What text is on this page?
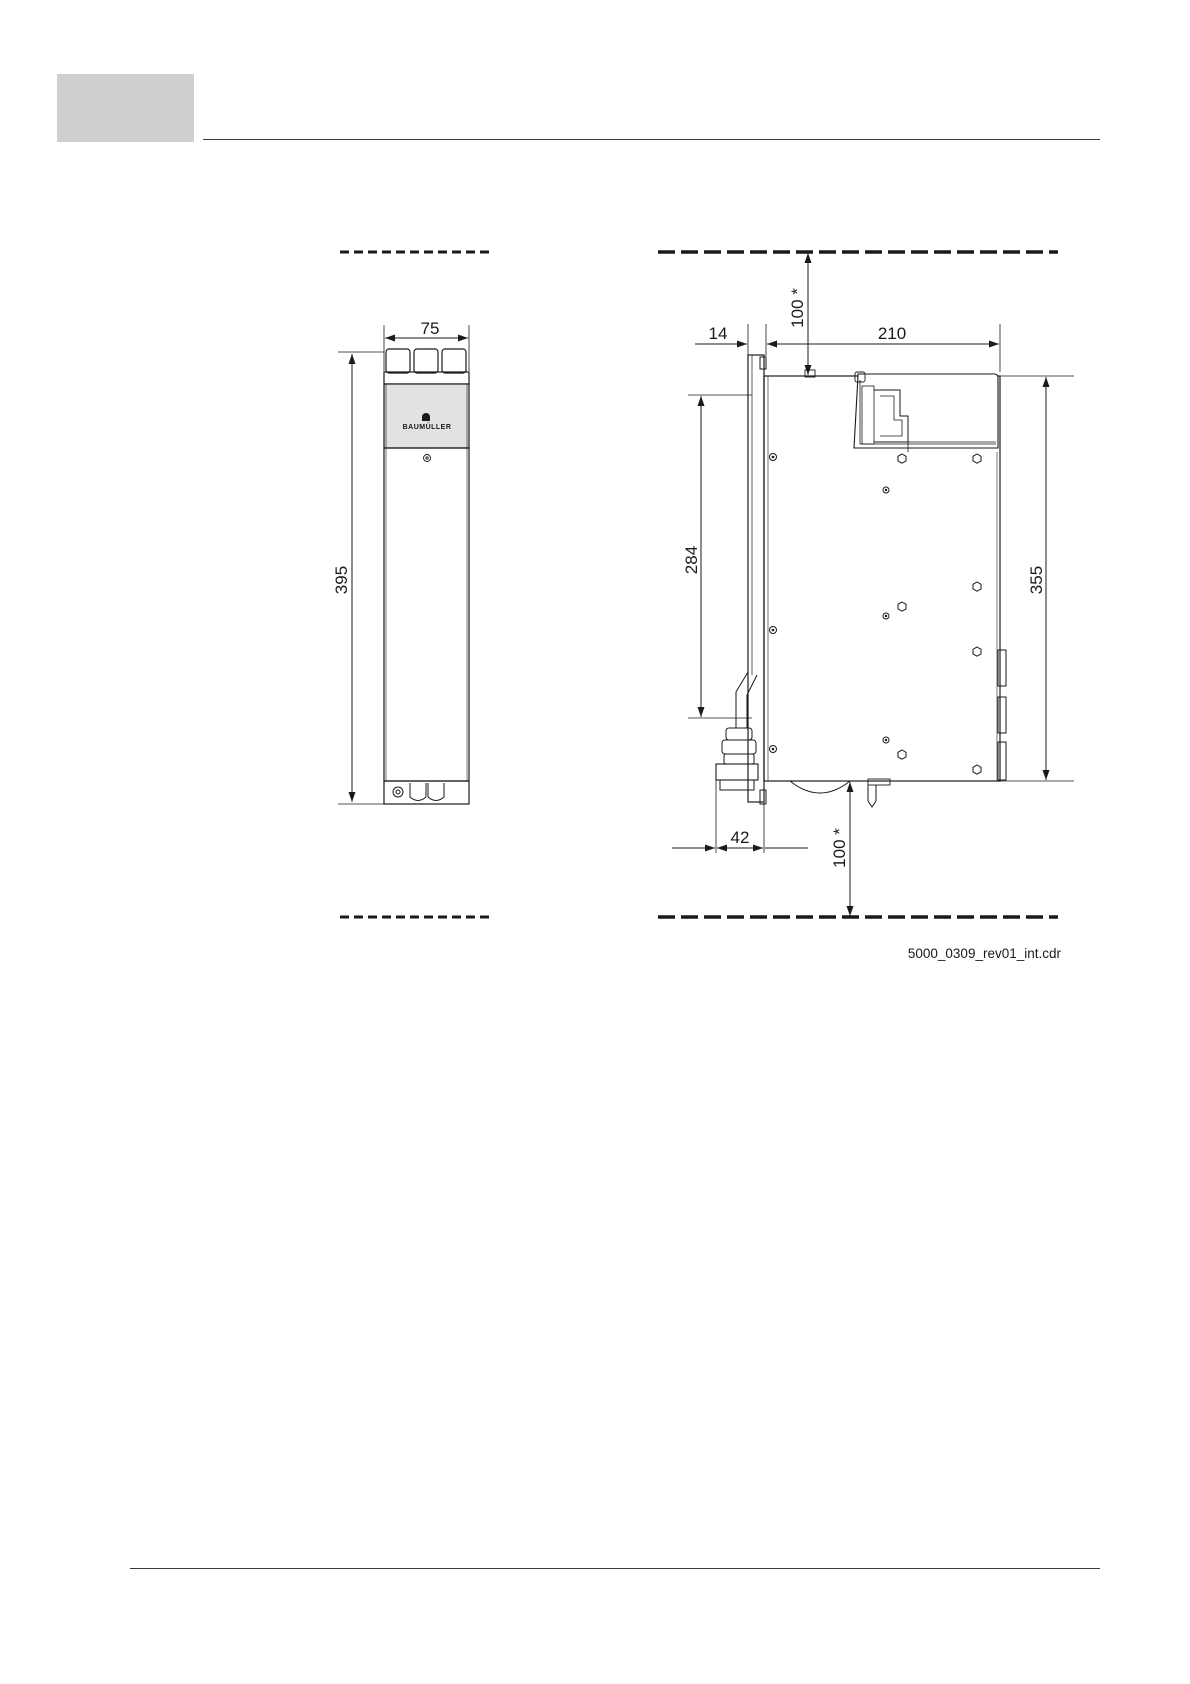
BAUMÜLLER
75
395
210
14
100 *
284
355
42	100 *
5000_0309_rev01_int.cdr
